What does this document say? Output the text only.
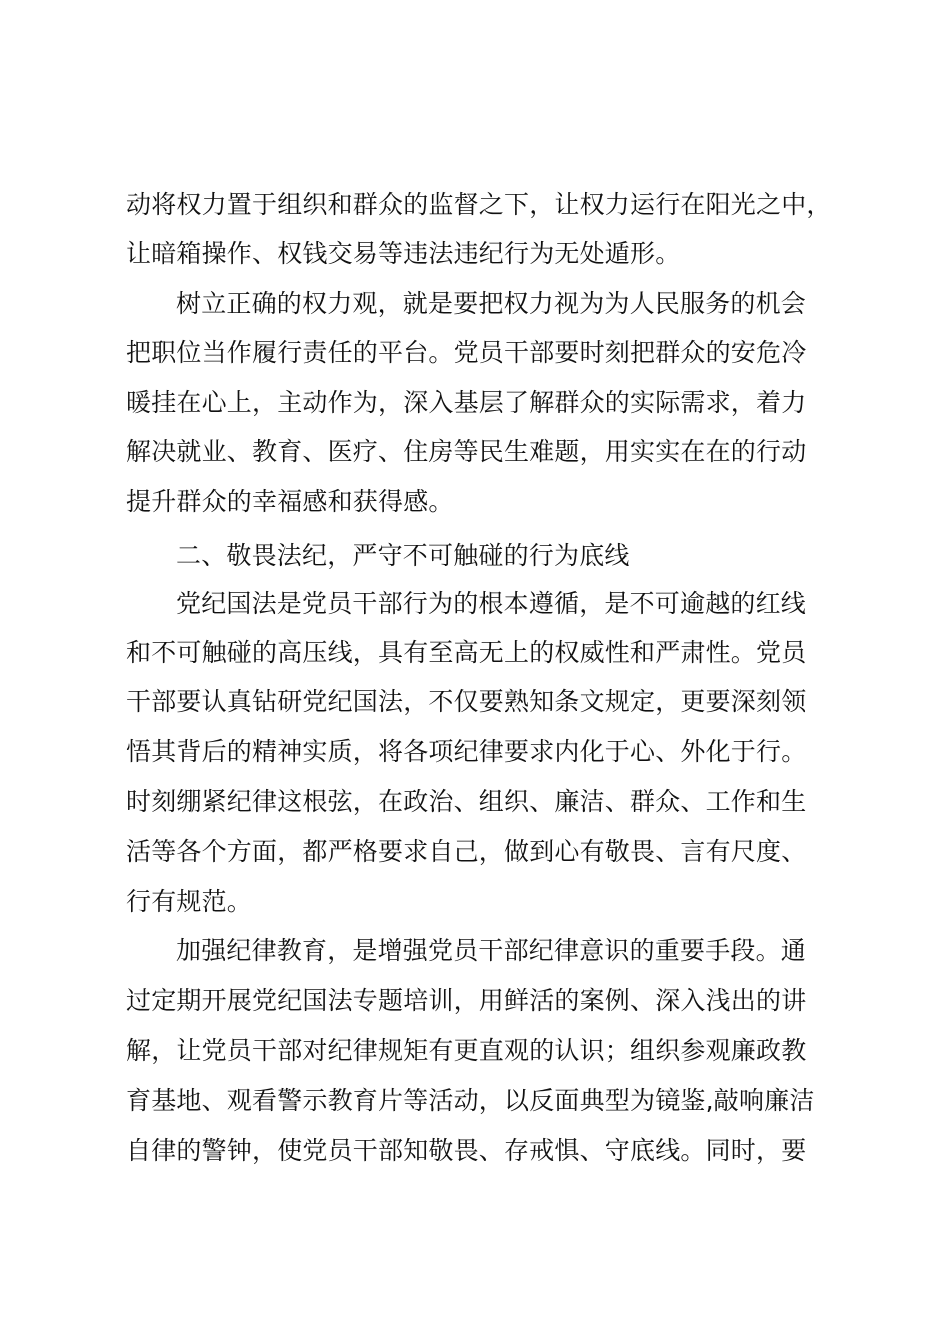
动将权力置于组织和群众的监督之下，让权力运行在阳光之中，
让暗箱操作、权钱交易等违法违纪行为无处遁形。
树立正确的权力观，就是要把权力视为为人民服务的机会
把职位当作履行责任的平台。党员干部要时刻把群众的安危冷
暖挂在心上，主动作为，深入基层了解群众的实际需求，着力
解决就业、教育、医疗、住房等民生难题，用实实在在的行动
提升群众的幸福感和获得感。
二、敬畏法纪，严守不可触碰的行为底线
党纪国法是党员干部行为的根本遵循，是不可逾越的红线
和不可触碰的高压线，具有至高无上的权威性和严肃性。党员
干部要认真钻研党纪国法，不仅要熟知条文规定，更要深刻领
悟其背后的精神实质，将各项纪律要求内化于心、外化于行。
时刻绷紧纪律这根弦，在政治、组织、廉洁、群众、工作和生
活等各个方面，都严格要求自己，做到心有敬畏、言有尺度、
行有规范。
加强纪律教育，是增强党员干部纪律意识的重要手段。通
过定期开展党纪国法专题培训，用鲜活的案例、深入浅出的讲
解，让党员干部对纪律规矩有更直观的认识；组织参观廉政教
育基地、观看警示教育片等活动，以反面典型为镜鉴,敲响廉洁
自律的警钟，使党员干部知敬畏、存戒惧、守底线。同时，要
